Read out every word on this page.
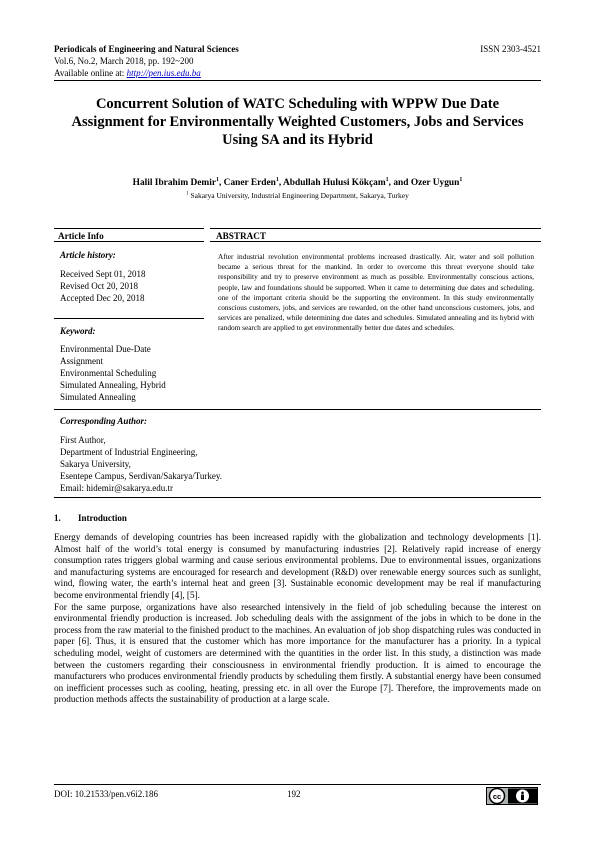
Periodicals of Engineering and Natural Sciences	ISSN 2303-4521
Vol.6, No.2, March 2018, pp. 192~200
Available online at: http://pen.ius.edu.ba
Concurrent Solution of WATC Scheduling with WPPW Due Date Assignment for Environmentally Weighted Customers, Jobs and Services Using SA and its Hybrid
Halil Ibrahim Demir$^1$, Caner Erden$^1$, Abdullah Hulusi Kökçam$^1$, and Ozer Uygun$^1$
$^1$ Sakarya University, Industrial Engineering Department, Sakarya, Turkey
Article Info	ABSTRACT
Article history:
Received Sept 01, 2018
Revised Oct 20, 2018
Accepted Dec 20, 2018
Keyword:
Environmental Due-Date
Assignment
Environmental Scheduling
Simulated Annealing, Hybrid
Simulated Annealing
After industrial revolution environmental problems increased drastically. Air, water and soil pollution became a serious threat for the mankind. In order to overcome this threat everyone should take responsibility and try to preserve environment as much as possible. Environmentally conscious actions, people, law and foundations should be supported. When it came to determining due dates and scheduling, one of the important criteria should be the supporting the environment. In this study environmentally conscious customers, jobs, and services are rewarded, on the other hand unconscious customers, jobs, and services are penalized, while determining due dates and schedules. Simulated annealing and its hybrid with random search are applied to get environmentally better due dates and schedules.
Corresponding Author:
First Author,
Department of Industrial Engineering,
Sakarya University,
Esentepe Campus, Serdivan/Sakarya/Turkey.
Email: hidemir@sakarya.edu.tr
1. Introduction

Energy demands of developing countries has been increased rapidly with the globalization and technology developments [1]. Almost half of the world’s total energy is consumed by manufacturing industries [2]. Relatively rapid increase of energy consumption rates triggers global warming and cause serious environmental problems. Due to environmental issues, organizations and manufacturing systems are encouraged for research and development (R&D) over renewable energy sources such as sunlight, wind, flowing water, the earth’s internal heat and green [3]. Sustainable economic development may be real if manufacturing become environmental friendly [4], [5].

For the same purpose, organizations have also researched intensively in the field of job scheduling because the interest on environmental friendly production is increased. Job scheduling deals with the assignment of the jobs in which to be done in the process from the raw material to the finished product to the machines. An evaluation of job shop dispatching rules was conducted in paper [6]. Thus, it is ensured that the customer which has more importance for the manufacturer has a priority. In a typical scheduling model, weight of customers are determined with the quantities in the order list. In this study, a distinction was made between the customers regarding their consciousness in environmental friendly production. It is aimed to encourage the manufacturers who produces environmental friendly products by scheduling them firstly. A substantial energy have been consumed on inefficient processes such as cooling, heating, pressing etc. in all over the Europe [7]. Therefore, the improvements made on production methods affects the sustainability of production at a large scale.

DOI: 10.21533/pen.v6i2.186	192	cc
